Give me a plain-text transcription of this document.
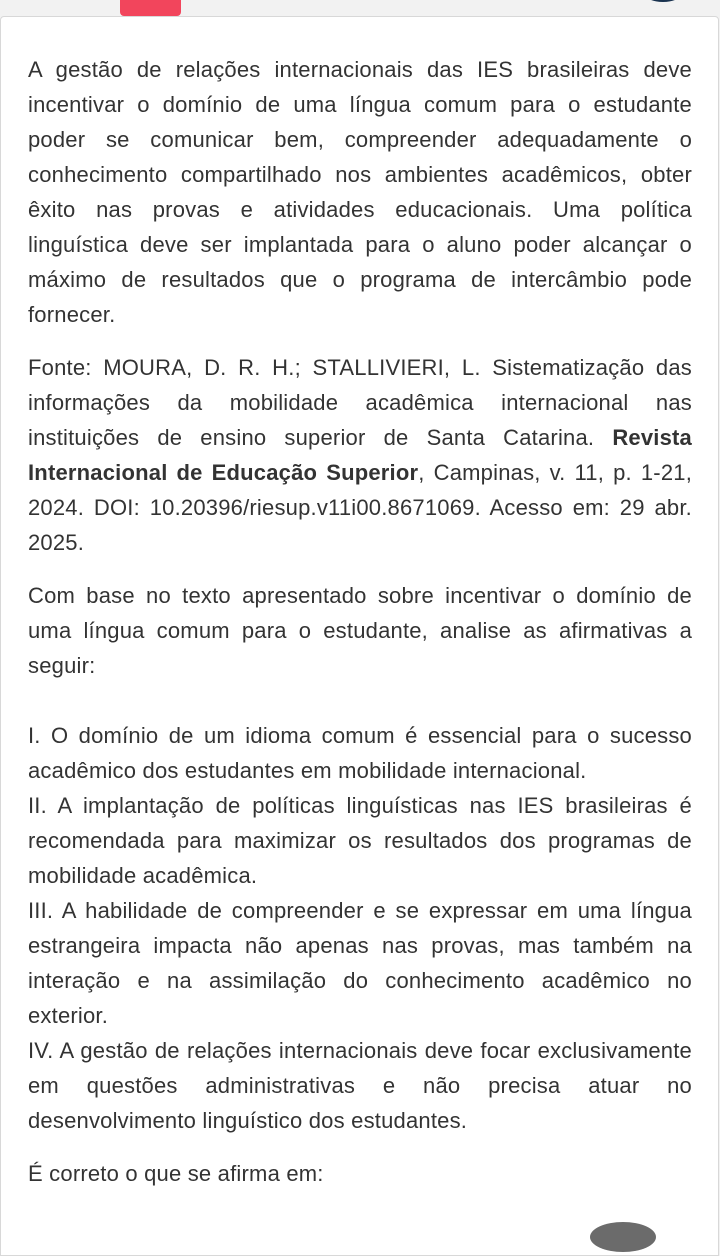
A gestão de relações internacionais das IES brasileiras deve incentivar o domínio de uma língua comum para o estudante poder se comunicar bem, compreender adequadamente o conhecimento compartilhado nos ambientes acadêmicos, obter êxito nas provas e atividades educacionais. Uma política linguística deve ser implantada para o aluno poder alcançar o máximo de resultados que o programa de intercâmbio pode fornecer.

Fonte: MOURA, D. R. H.; STALLIVIERI, L. Sistematização das informações da mobilidade acadêmica internacional nas instituições de ensino superior de Santa Catarina. Revista Internacional de Educação Superior, Campinas, v. 11, p. 1-21, 2024. DOI: 10.20396/riesup.v11i00.8671069. Acesso em: 29 abr. 2025.

Com base no texto apresentado sobre incentivar o domínio de uma língua comum para o estudante, analise as afirmativas a seguir:

I. O domínio de um idioma comum é essencial para o sucesso acadêmico dos estudantes em mobilidade internacional.

II. A implantação de políticas linguísticas nas IES brasileiras é recomendada para maximizar os resultados dos programas de mobilidade acadêmica.

III. A habilidade de compreender e se expressar em uma língua estrangeira impacta não apenas nas provas, mas também na interação e na assimilação do conhecimento acadêmico no exterior.

IV. A gestão de relações internacionais deve focar exclusivamente em questões administrativas e não precisa atuar no desenvolvimento linguístico dos estudantes.

É correto o que se afirma em:
